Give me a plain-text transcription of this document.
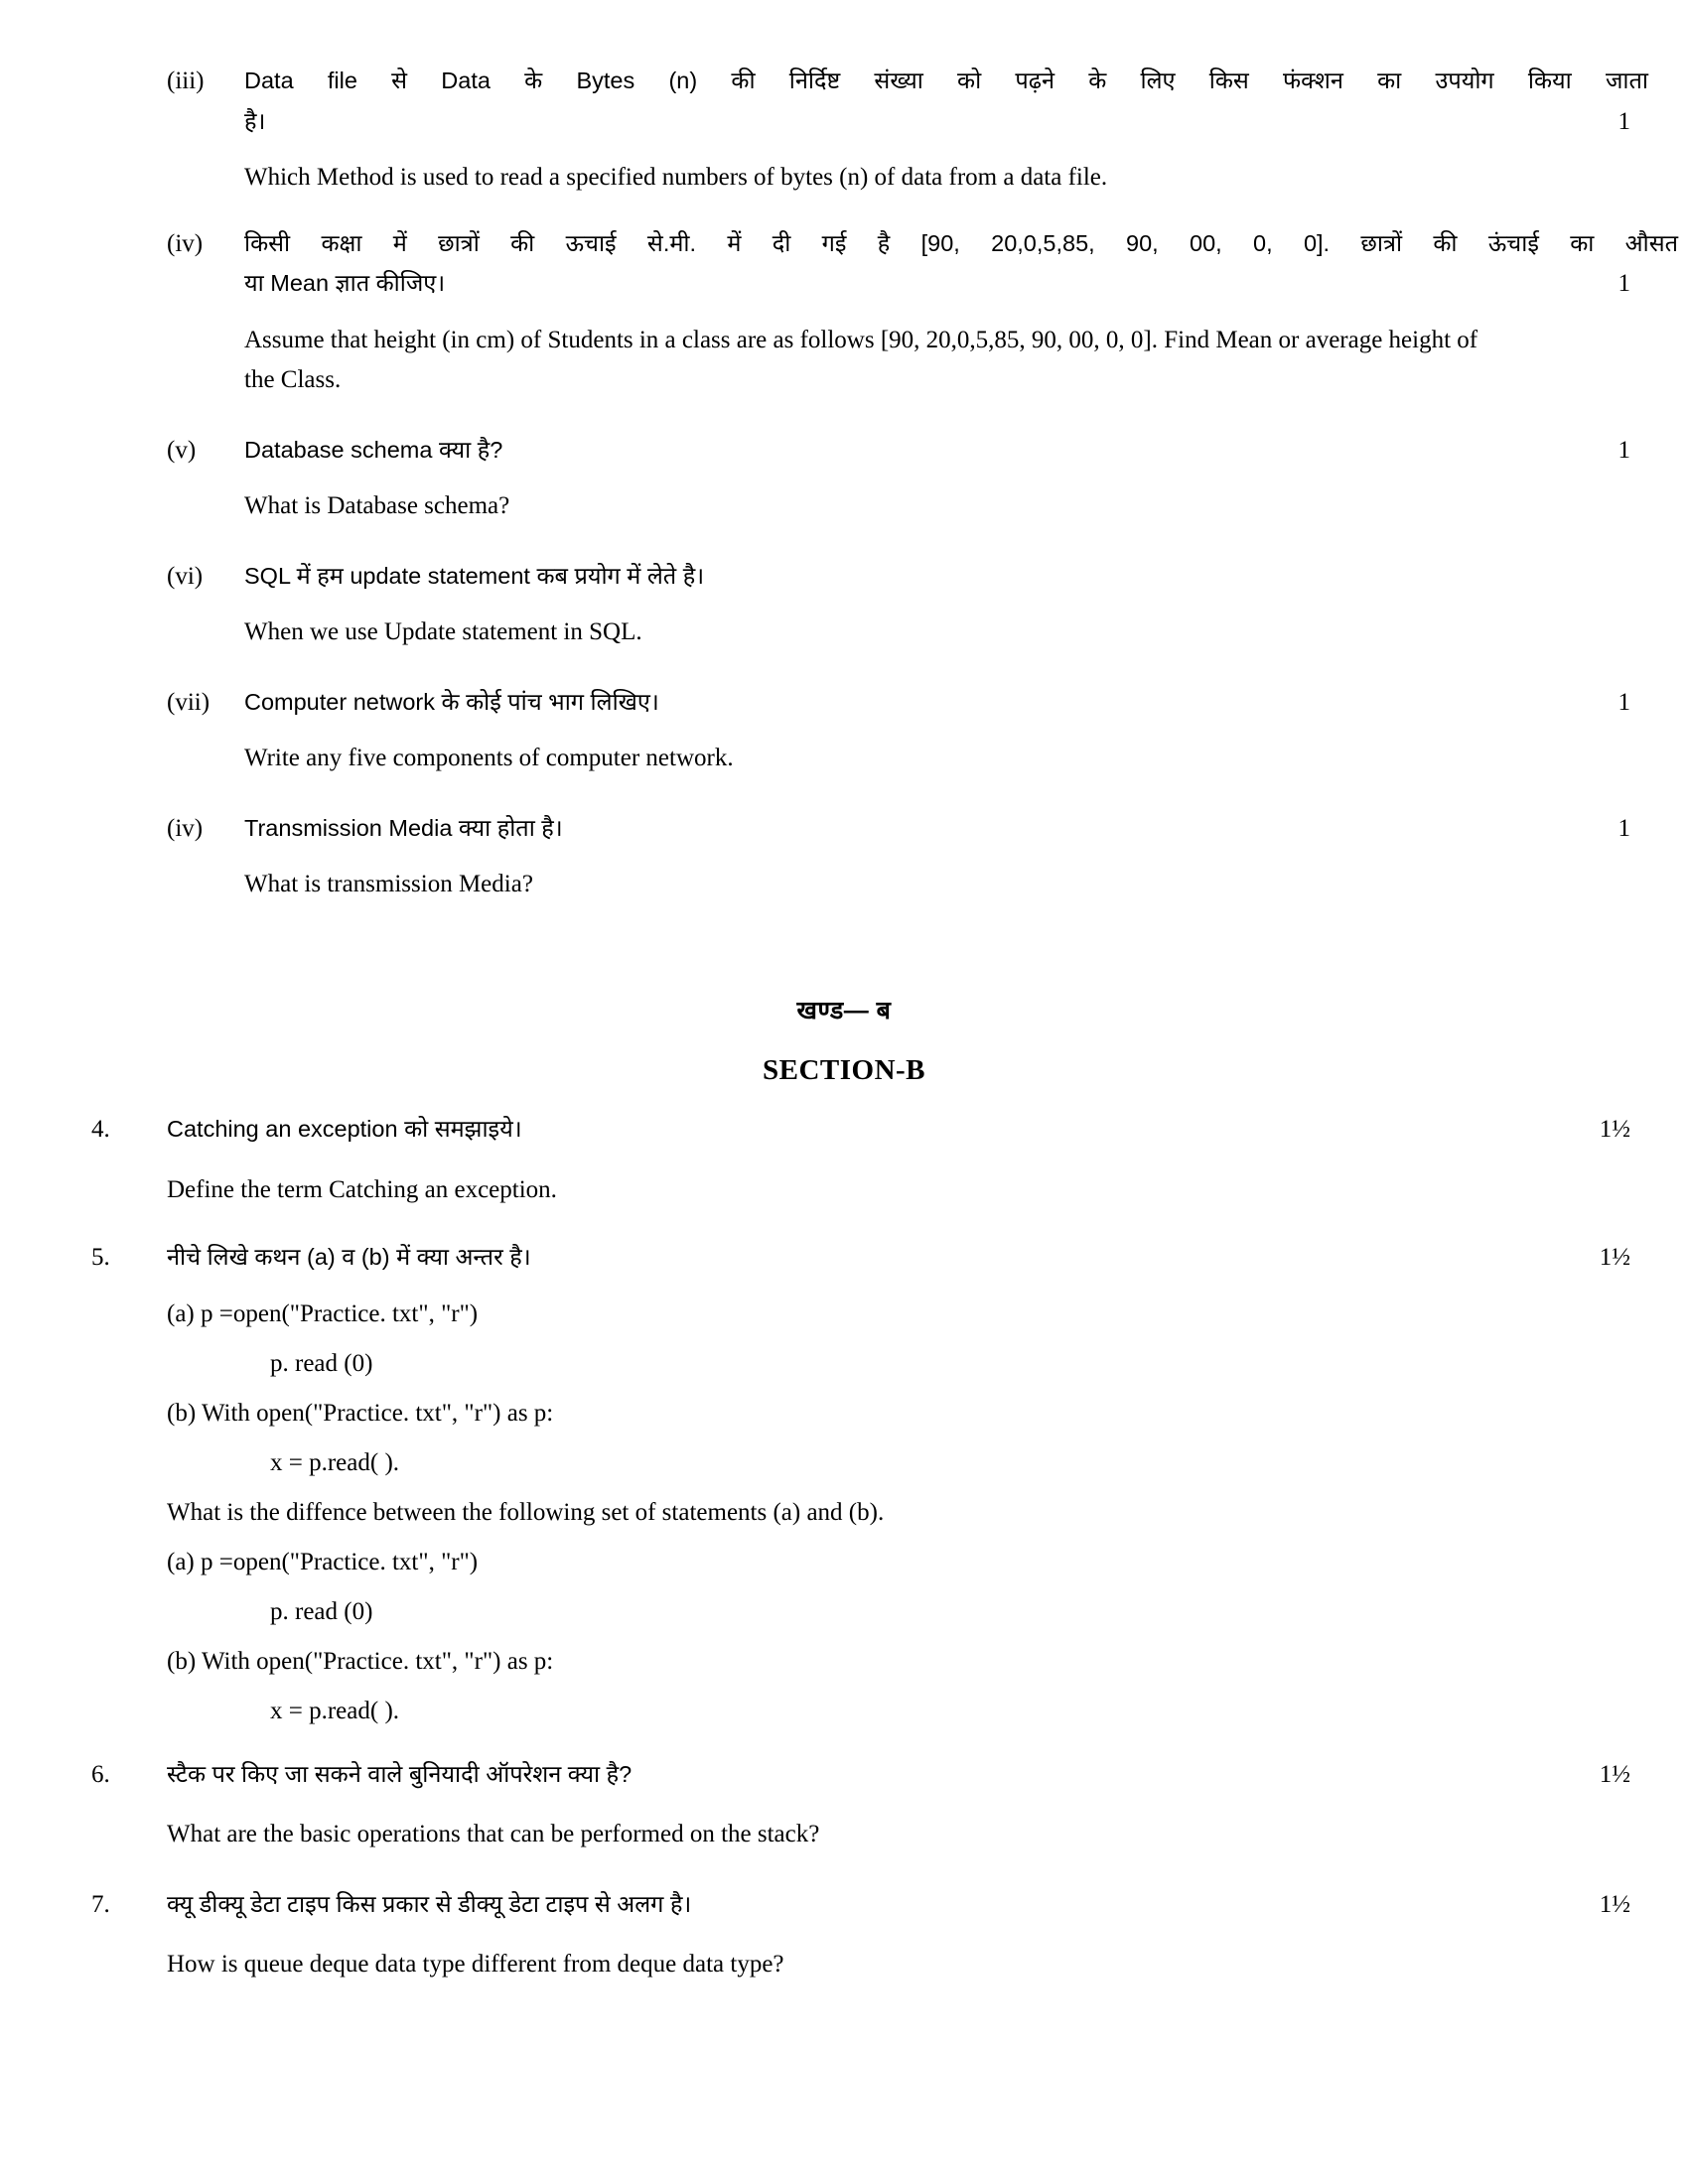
(iii)	Data file से Data के Bytes (n) की निर्दिष्ट संख्या को पढ़ने के लिए किस फंक्शन का उपयोग किया जाता

है।	1
Which Method is used to read a specified numbers of bytes (n) of data from a data file.
(iv)	किसी कक्षा में छात्रों की ऊचाई से.मी. में दी गई है [90, 20,0,5,85, 90, 00, 0, 0]. छात्रों की ऊंचाई का औसत

या Mean ज्ञात कीजिए।	1
Assume that height (in cm) of Students in a class are as follows [90, 20,0,5,85, 90, 00, 0, 0]. Find Mean or average height of the Class.
(v)	Database schema क्या है?	1
What is Database schema?
(vi)	SQL में हम update statement कब प्रयोग में लेते है।
When we use Update statement in SQL.
(vii)	Computer network के कोई पांच भाग लिखिए।	1
Write any five components of computer network.
(iv)	Transmission Media क्या होता है।	1
What is transmission Media?
खण्ड— ब
SECTION-B
4.	Catching an exception को समझाइये।	1½
Define the term Catching an exception.
5.	नीचे लिखे कथन (a) व (b) में क्या अन्तर है।	1½
(a) p =open("Practice. txt", "r")
p. read (0)
(b) With open("Practice. txt", "r") as p:
x = p.read( ).
What is the diffence between the following set of statements (a) and (b).
(a) p =open("Practice. txt", "r")
p. read (0)
(b) With open("Practice. txt", "r") as p:
x = p.read( ).
6.	स्टैक पर किए जा सकने वाले बुनियादी ऑपरेशन क्या है?	1½
What are the basic operations that can be performed on the stack?
7.	क्यू डीक्यू डेटा टाइप किस प्रकार से डीक्यू डेटा टाइप से अलग है।	1½
How is queue deque data type different from deque data type?
